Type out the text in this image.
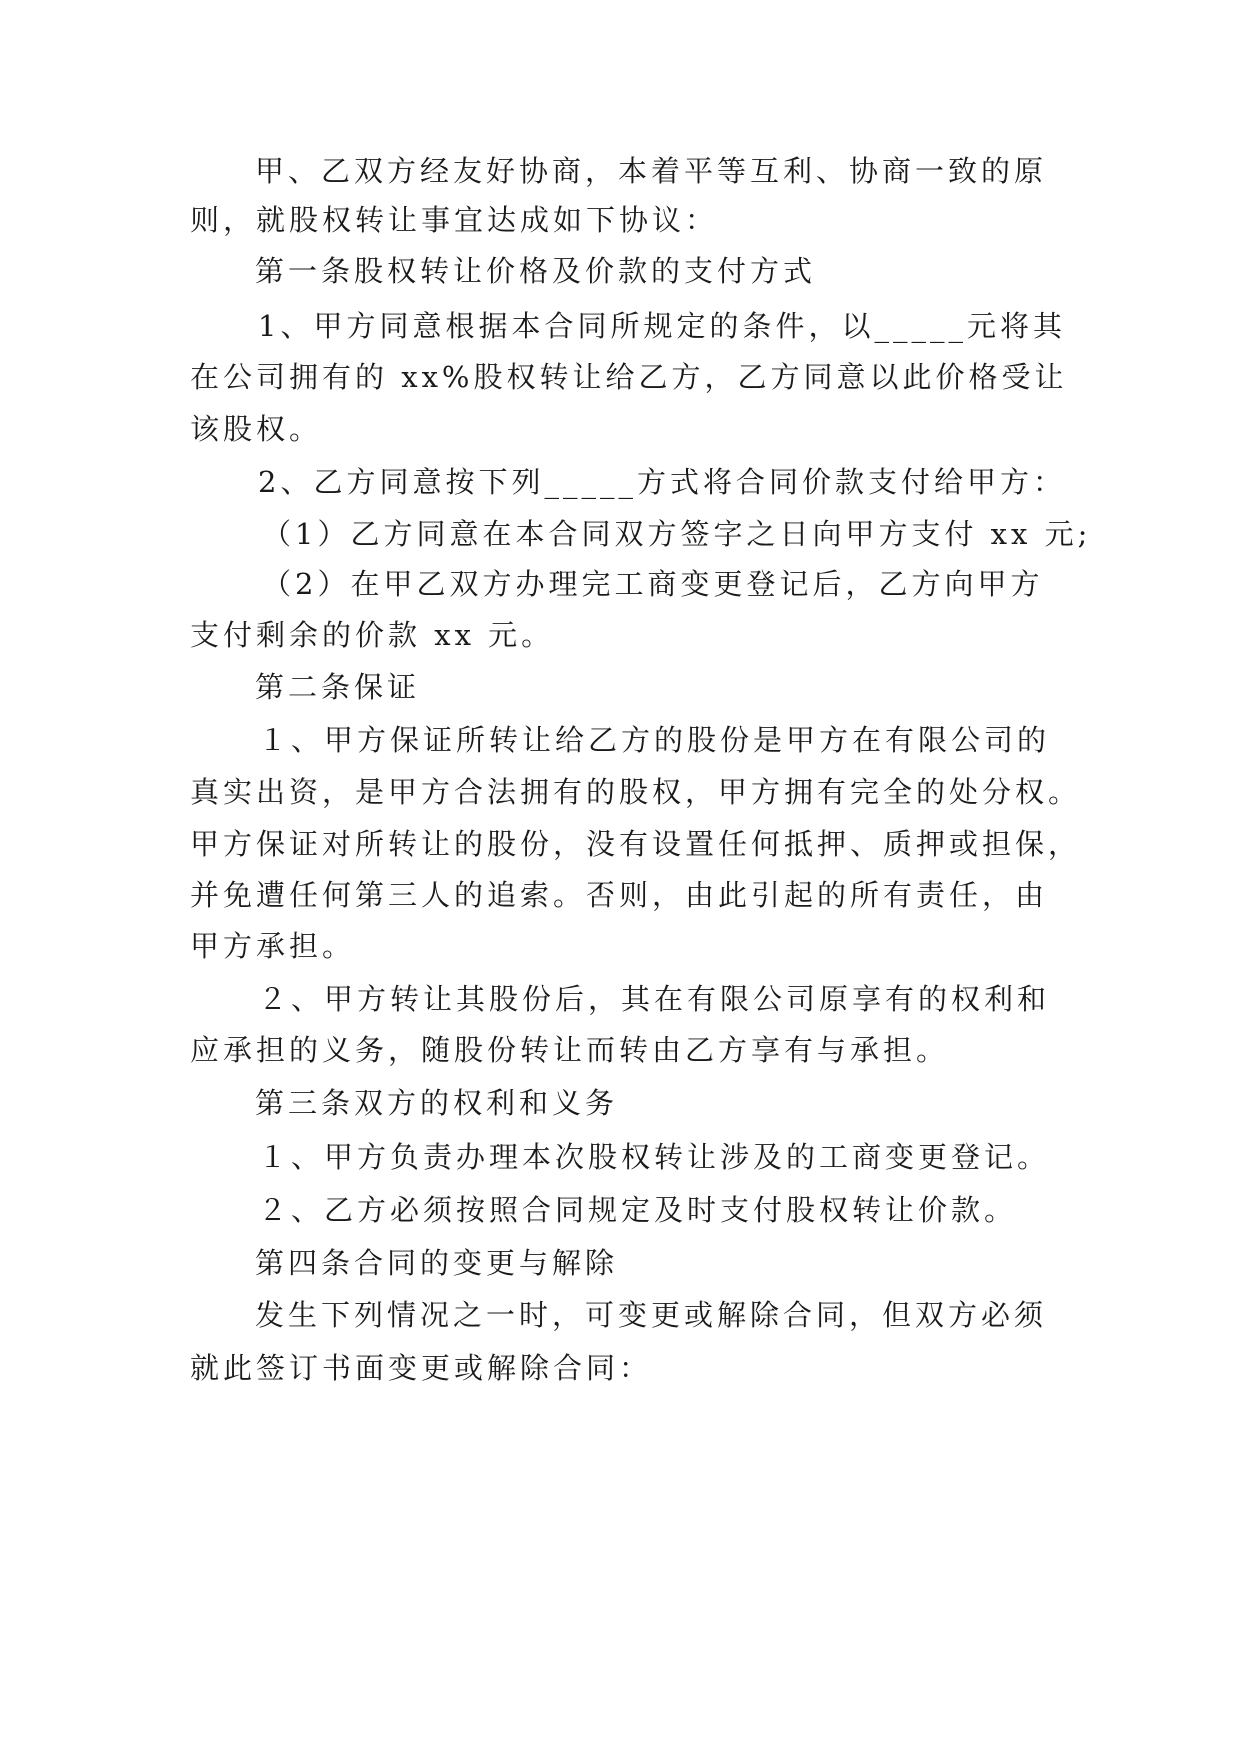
甲、乙双方经友好协商，本着平等互利、协商一致的原
则，就股权转让事宜达成如下协议：
第一条股权转让价格及价款的支付方式
1、甲方同意根据本合同所规定的条件，以_____元将其
在公司拥有的 xx%股权转让给乙方，乙方同意以此价格受让
该股权。
2、乙方同意按下列_____方式将合同价款支付给甲方：
（1）乙方同意在本合同双方签字之日向甲方支付 xx 元;
（2）在甲乙双方办理完工商变更登记后，乙方向甲方
支付剩余的价款 xx 元。
第二条保证
１、甲方保证所转让给乙方的股份是甲方在有限公司的
真实出资，是甲方合法拥有的股权，甲方拥有完全的处分权。
甲方保证对所转让的股份，没有设置任何抵押、质押或担保，
并免遭任何第三人的追索。否则，由此引起的所有责任，由
甲方承担。
２、甲方转让其股份后，其在有限公司原享有的权利和
应承担的义务，随股份转让而转由乙方享有与承担。
第三条双方的权利和义务
１、甲方负责办理本次股权转让涉及的工商变更登记。
２、乙方必须按照合同规定及时支付股权转让价款。
第四条合同的变更与解除
发生下列情况之一时，可变更或解除合同，但双方必须
就此签订书面变更或解除合同：
